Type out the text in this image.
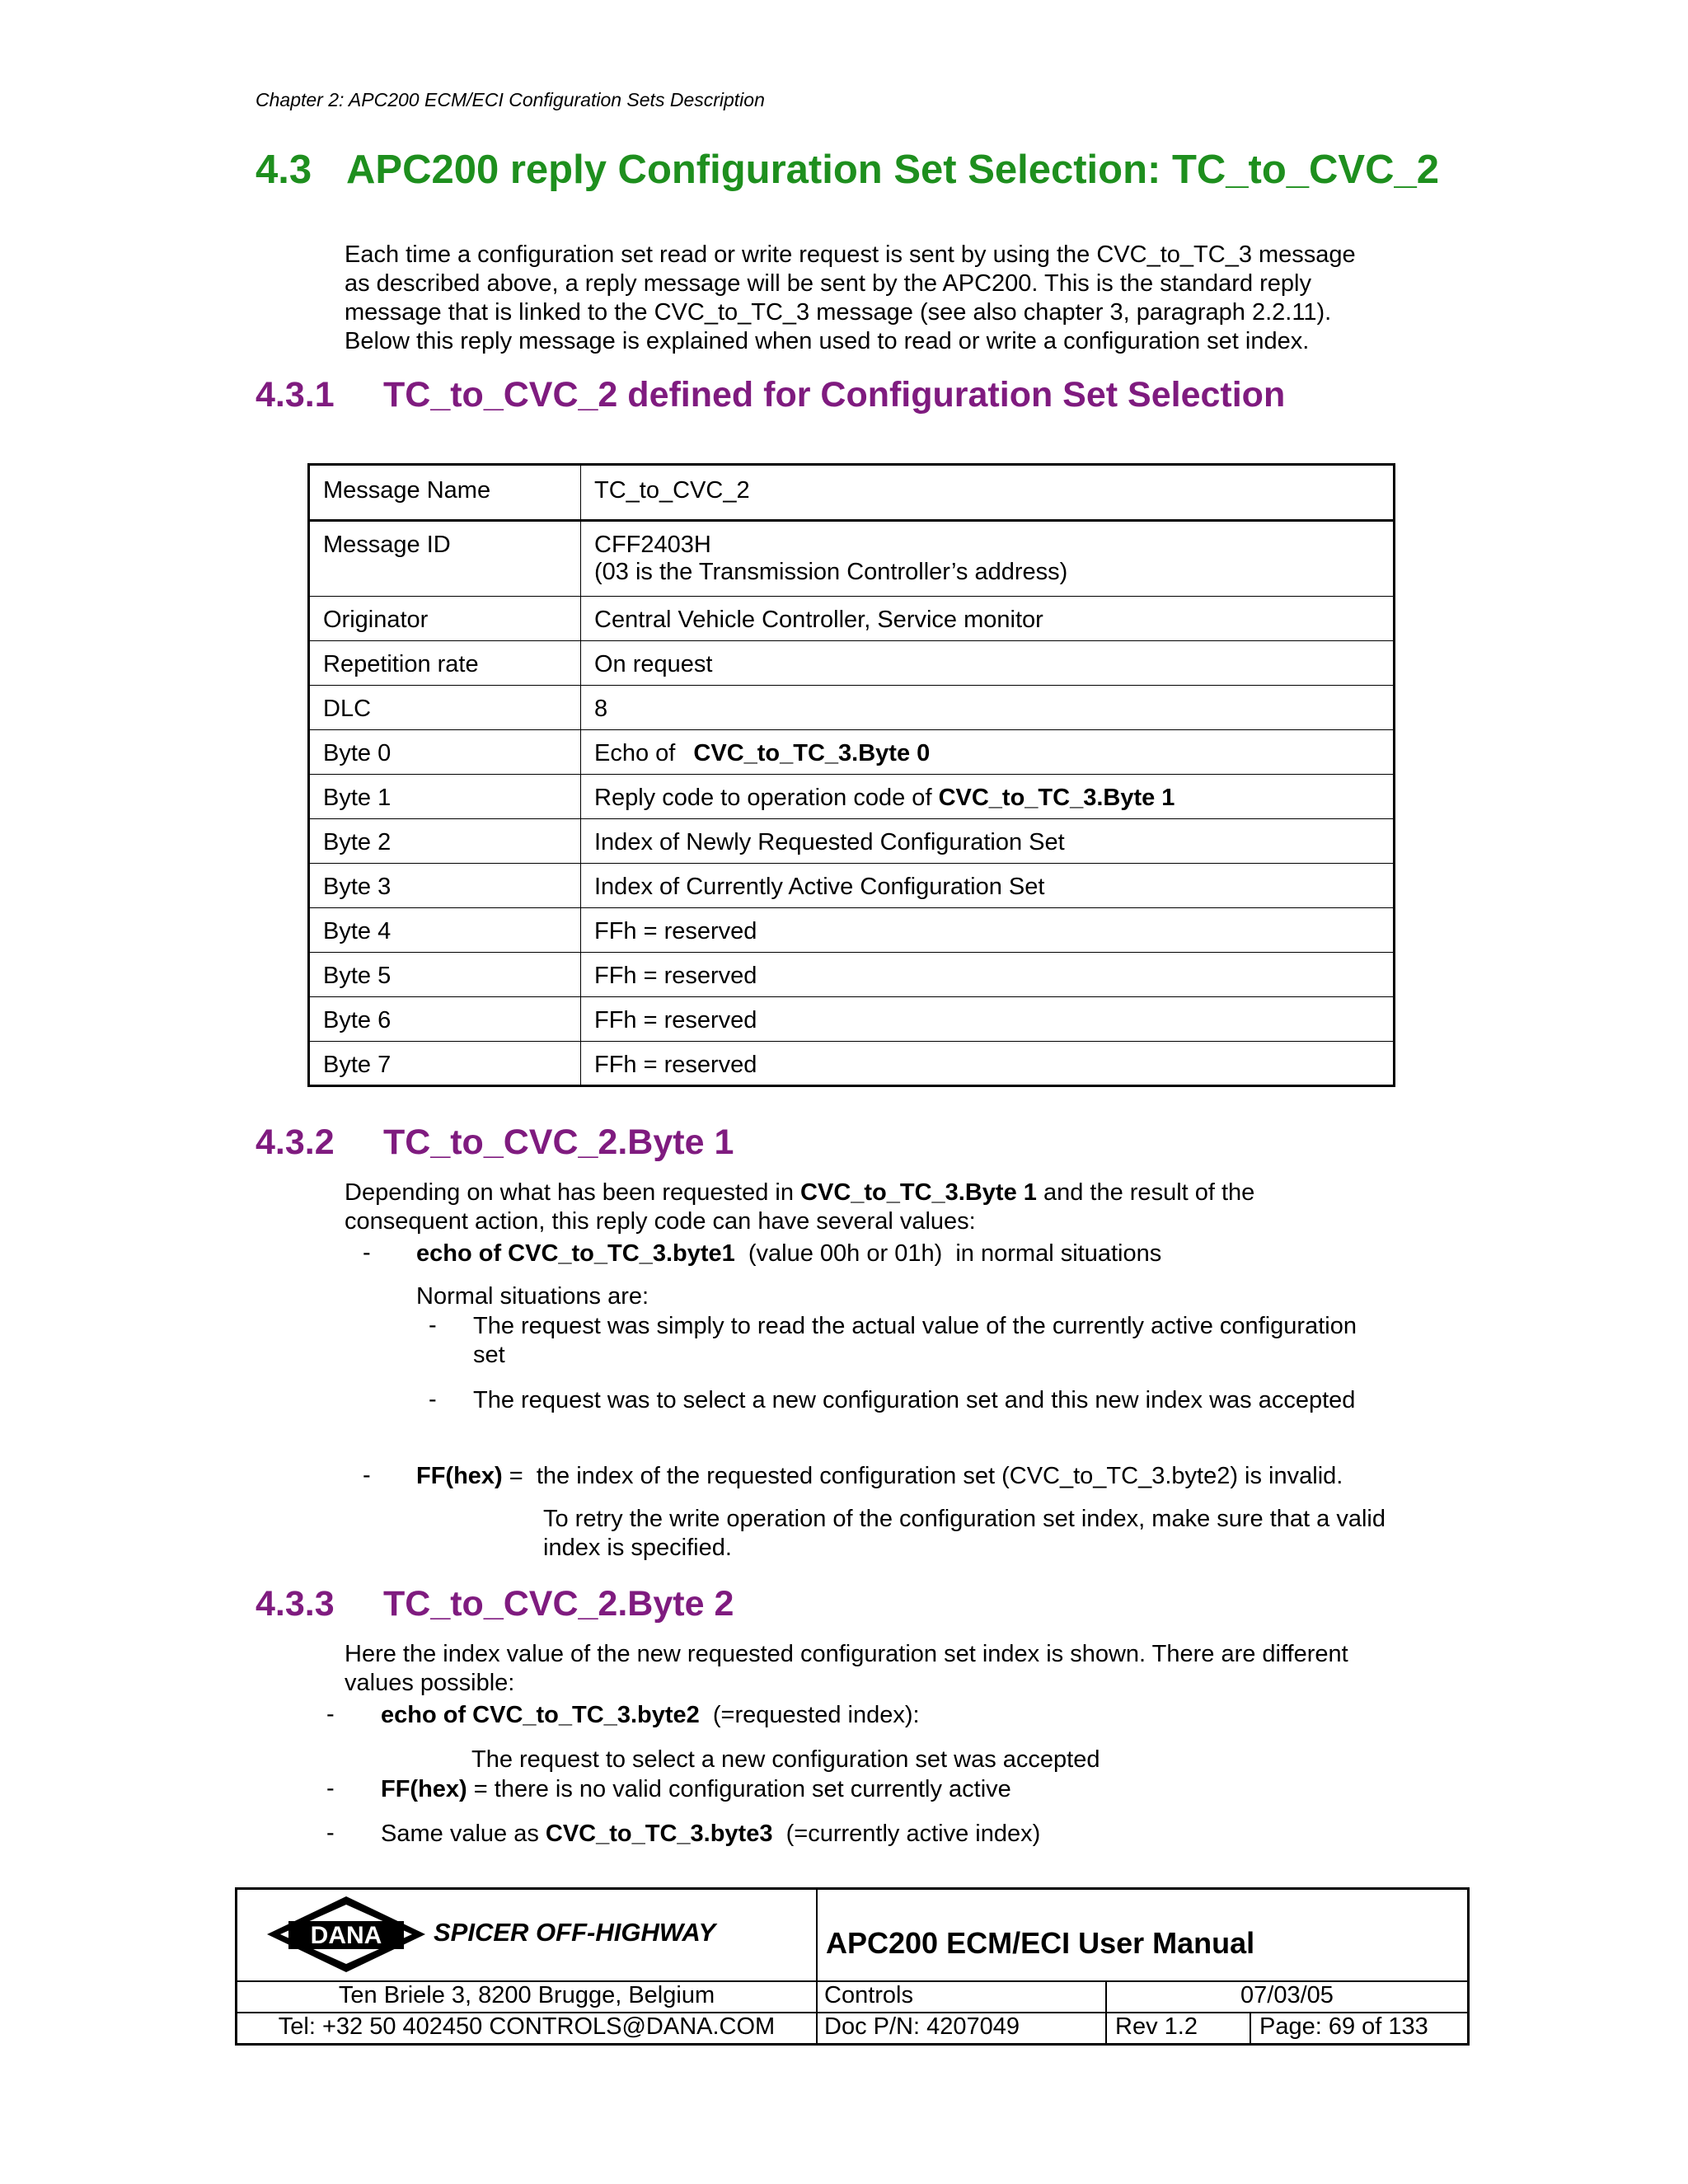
Chapter 2: APC200 ECM/ECI Configuration Sets Description
4.3 APC200 reply Configuration Set Selection: TC_to_CVC_2
Each time a configuration set read or write request is sent by using the CVC_to_TC_3 message
as described above, a reply message will be sent by the APC200. This is the standard reply
message that is linked to the CVC_to_TC_3 message (see also chapter 3, paragraph 2.2.11).
Below this reply message is explained when used to read or write a configuration set index.
4.3.1 TC_to_CVC_2 defined for Configuration Set Selection
Message Name	TC_to_CVC_2
Message ID	CFF2403H
(03 is the Transmission Controller’s address)

Originator	Central Vehicle Controller, Service monitor
Repetition rate	On request
DLC	8
Byte 0	Echo of CVC_to_TC_3.Byte 0
Byte 1	Reply code to operation code of CVC_to_TC_3.Byte 1
Byte 2	Index of Newly Requested Configuration Set
Byte 3	Index of Currently Active Configuration Set
Byte 4	FFh = reserved
Byte 5	FFh = reserved
Byte 6	FFh = reserved
Byte 7	FFh = reserved
4.3.2 TC_to_CVC_2.Byte 1
Depending on what has been requested in CVC_to_TC_3.Byte 1 and the result of the
consequent action, this reply code can have several values:
- echo of CVC_to_TC_3.byte1  (value 00h or 01h)  in normal situations
Normal situations are:
- The request was simply to read the actual value of the currently active configuration
set
- The request was to select a new configuration set and this new index was accepted
- FF(hex) =  the index of the requested configuration set (CVC_to_TC_3.byte2) is invalid.
To retry the write operation of the configuration set index, make sure that a valid
index is specified.
4.3.3 TC_to_CVC_2.Byte 2
Here the index value of the new requested configuration set index is shown. There are different
values possible:
- echo of CVC_to_TC_3.byte2  (=requested index):
The request to select a new configuration set was accepted
- FF(hex) = there is no valid configuration set currently active
- Same value as CVC_to_TC_3.byte3  (=currently active index)
DANA SPICER OFF-HIGHWAY	APC200 ECM/ECI User Manual
Ten Briele 3, 8200 Brugge, Belgium
Tel: +32 50 402450 CONTROLS@DANA.COM
Controls	07/03/05
Doc P/N: 4207049	Rev 1.2	Page: 69 of 133
